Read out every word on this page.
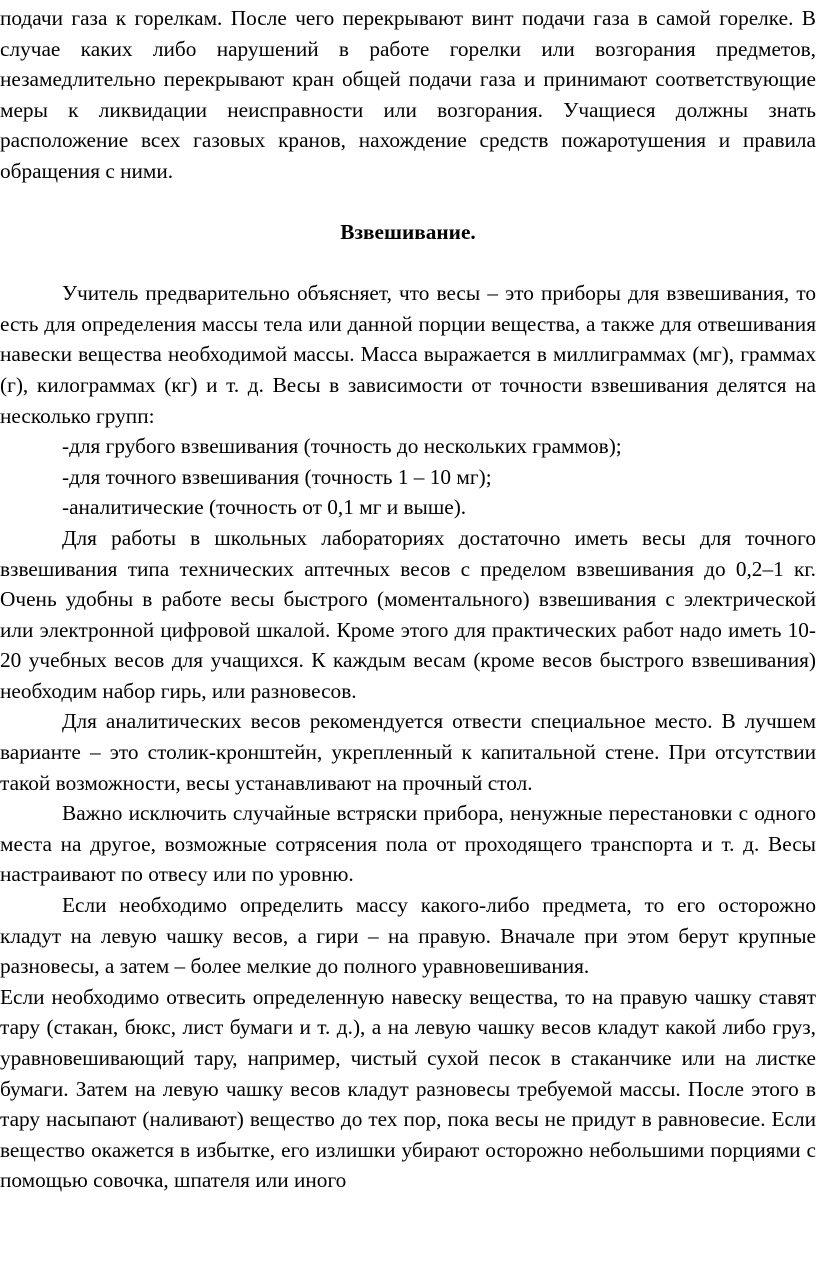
подачи газа к горелкам. После чего перекрывают винт подачи газа в самой горелке. В случае каких либо нарушений в работе горелки или возгорания предметов, незамедлительно перекрывают кран общей подачи газа и принимают соответствующие меры к ликвидации неисправности или возгорания. Учащиеся должны знать расположение всех газовых кранов, нахождение средств пожаротушения и правила обращения с ними.

Взвешивание.

Учитель предварительно объясняет, что весы – это приборы для взвешивания, то есть для определения массы тела или данной порции вещества, а также для отвешивания навески вещества необходимой массы. Масса выражается в миллиграммах (мг), граммах (г), килограммах (кг) и т. д. Весы в зависимости от точности взвешивания делятся на несколько групп:

-для грубого взвешивания (точность до нескольких граммов);

-для точного взвешивания (точность 1 – 10 мг);

-аналитические (точность от 0,1 мг и выше).

Для работы в школьных лабораториях достаточно иметь весы для точного взвешивания типа технических аптечных весов с пределом взвешивания до 0,2–1 кг. Очень удобны в работе весы быстрого (моментального) взвешивания с электрической или электронной цифровой шкалой. Кроме этого для практических работ надо иметь 10-20 учебных весов для учащихся. К каждым весам (кроме весов быстрого взвешивания) необходим набор гирь, или разновесов.

Для аналитических весов рекомендуется отвести специальное место. В лучшем варианте – это столик-кронштейн, укрепленный к капитальной стене. При отсутствии такой возможности, весы устанавливают на прочный стол.

Важно исключить случайные встряски прибора, ненужные перестановки с одного места на другое, возможные сотрясения пола от проходящего транспорта и т. д. Весы настраивают по отвесу или по уровню.

Если необходимо определить массу какого-либо предмета, то его осторожно кладут на левую чашку весов, а гири – на правую. Вначале при этом берут крупные разновесы, а затем – более мелкие до полного уравновешивания.

Если необходимо отвесить определенную навеску вещества, то на правую чашку ставят тару (стакан, бюкс, лист бумаги и т. д.), а на левую чашку весов кладут какой либо груз, уравновешивающий тару, например, чистый сухой песок в стаканчике или на листке бумаги. Затем на левую чашку весов кладут разновесы требуемой массы. После этого в тару насыпают (наливают) вещество до тех пор, пока весы не придут в равновесие. Если вещество окажется в избытке, его излишки убирают осторожно небольшими порциями с помощью совочка, шпателя или иного
